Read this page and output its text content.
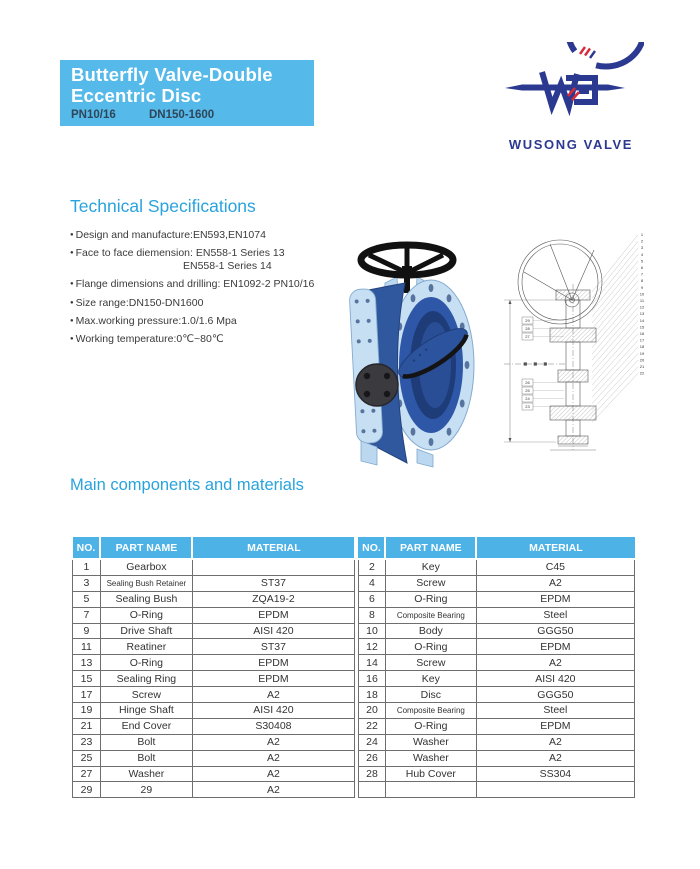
Butterfly Valve-Double
Eccentric Disc
PN10/16	DN150-1600
WUSONG VALVE
Technical Specifications
● Design and manufacture:EN593,EN1074
● Face to face diemension: EN558-1 Series 13
EN558-1 Series 14
● Flange dimensions and drilling: EN1092-2 PN10/16
● Size range:DN150-DN1600
● Max.working pressure:1.0/1.6 Mpa
● Working temperature:0℃~80℃
1
2
3
4
5
6
7
8
9
10
11
12
13
14
15
16
17
18
19
20
21
22
29
28
27
26
25
24
23
Main components and materials
NO.	PART NAME	MATERIAL
1	Gearbox	
3	Sealing Bush Retainer	ST37
5	Sealing Bush	ZQA19-2
7	O-Ring	EPDM
9	Drive Shaft	AISI 420
11	Reatiner	ST37
13	O-Ring	EPDM
15	Sealing Ring	EPDM
17	Screw	A2
19	Hinge Shaft	AISI 420
21	End Cover	S30408
23	Bolt	A2
25	Bolt	A2
27	Washer	A2
29	29	A2
NO.	PART NAME	MATERIAL
2	Key	C45
4	Screw	A2
6	O-Ring	EPDM
8	Composite Bearing	Steel
10	Body	GGG50
12	O-Ring	EPDM
14	Screw	A2
16	Key	AISI 420
18	Disc	GGG50
20	Composite Bearing	Steel
22	O-Ring	EPDM
24	Washer	A2
26	Washer	A2
28	Hub Cover	SS304
